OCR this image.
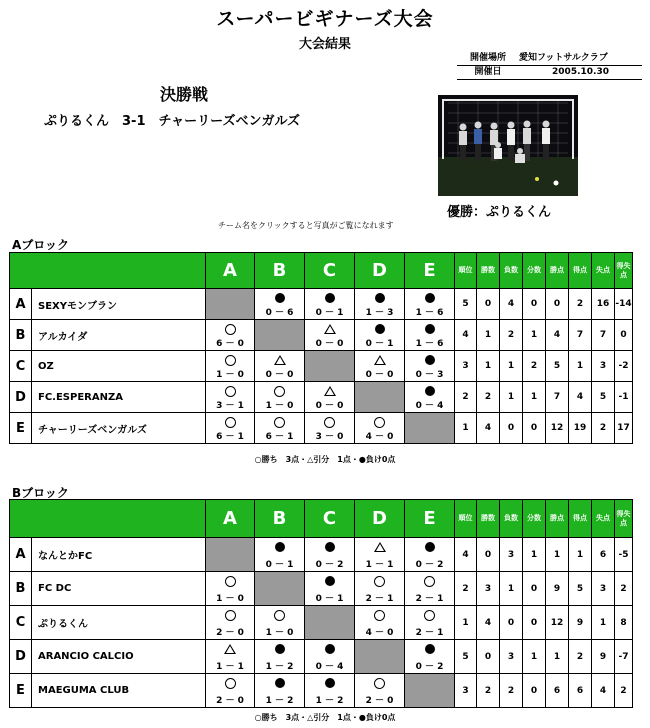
スーパービギナーズ大会
大会結果
開催場所	愛知フットサルクラブ
開催日	2005.10.30
決勝戦
ぷりるくん　3-1　チャーリーズベンガルズ
優勝：ぷりるくん
チーム名をクリックすると写真がご覧になれます
Aブロック
		A	B	C	D	E	順位	勝数	負数	分数	勝点	得点	失点	得失点
A	SEXYモンブラン		0 － 6	0 － 1	1 － 3	1 － 6	5	0	4	0	0	2	16	-14
B	アルカイダ	6 － 0		0 － 0	0 － 1	1 － 6	4	1	2	1	4	7	7	0
C	OZ	1 － 0	0 － 0		0 － 0	0 － 3	3	1	1	2	5	1	3	-2
D	FC.ESPERANZA	3 － 1	1 － 0	0 － 0		0 － 4	2	2	1	1	7	4	5	-1
E	チャーリーズベンガルズ	6 － 1	6 － 1	3 － 0	4 － 0		1	4	0	0	12	19	2	17
○勝ち　3点・△引分　1点・●負け0点
Bブロック
		A	B	C	D	E	順位	勝数	負数	分数	勝点	得点	失点	得失点
A	なんとかFC		0 － 1	0 － 2	1 － 1	0 － 2	4	0	3	1	1	1	6	-5
B	FC DC	1 － 0		0 － 1	2 － 1	2 － 1	2	3	1	0	9	5	3	2
C	ぷりるくん	2 － 0	1 － 0		4 － 0	2 － 1	1	4	0	0	12	9	1	8
D	ARANCIO CALCIO	1 － 1	1 － 2	0 － 4		0 － 2	5	0	3	1	1	2	9	-7
E	MAEGUMA CLUB	2 － 0	1 － 2	1 － 2	2 － 0		3	2	2	0	6	6	4	2
○勝ち　3点・△引分　1点・●負け0点
